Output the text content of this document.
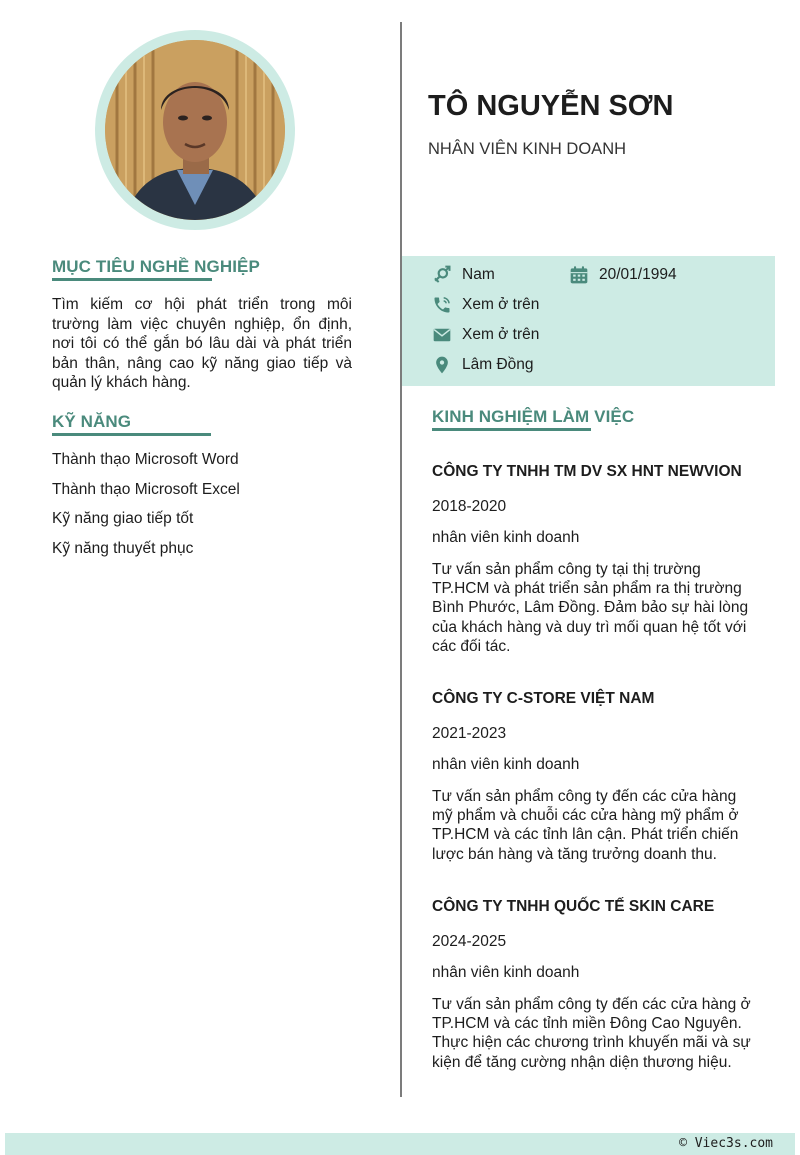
MỤC TIÊU NGHỀ NGHIỆP

Tìm kiếm cơ hội phát triển trong môi trường làm việc chuyên nghiệp, ổn định, nơi tôi có thể gắn bó lâu dài và phát triển bản thân, nâng cao kỹ năng giao tiếp và quản lý khách hàng.

KỸ NĂNG
Thành thạo Microsoft Word
Thành thạo Microsoft Excel
Kỹ năng giao tiếp tốt
Kỹ năng thuyết phục
TÔ NGUYỄN SƠN

NHÂN VIÊN KINH DOANH

Nam	20/01/1994
Xem ở trên
Xem ở trên
Lâm Đồng
KINH NGHIỆM LÀM VIỆC

CÔNG TY TNHH TM DV SX HNT NEWVION

2018-2020

nhân viên kinh doanh

Tư vấn sản phẩm công ty tại thị trường TP.HCM và phát triển sản phẩm ra thị trường Bình Phước, Lâm Đồng. Đảm bảo sự hài lòng của khách hàng và duy trì mối quan hệ tốt với các đối tác.

CÔNG TY C-STORE VIỆT NAM

2021-2023

nhân viên kinh doanh

Tư vấn sản phẩm công ty đến các cửa hàng mỹ phẩm và chuỗi các cửa hàng mỹ phẩm ở TP.HCM và các tỉnh lân cận. Phát triển chiến lược bán hàng và tăng trưởng doanh thu.

CÔNG TY TNHH QUỐC TẾ SKIN CARE

2024-2025

nhân viên kinh doanh

Tư vấn sản phẩm công ty đến các cửa hàng ở TP.HCM và các tỉnh miền Đông Cao Nguyên. Thực hiện các chương trình khuyến mãi và sự kiện để tăng cường nhận diện thương hiệu.

© Viec3s.com
